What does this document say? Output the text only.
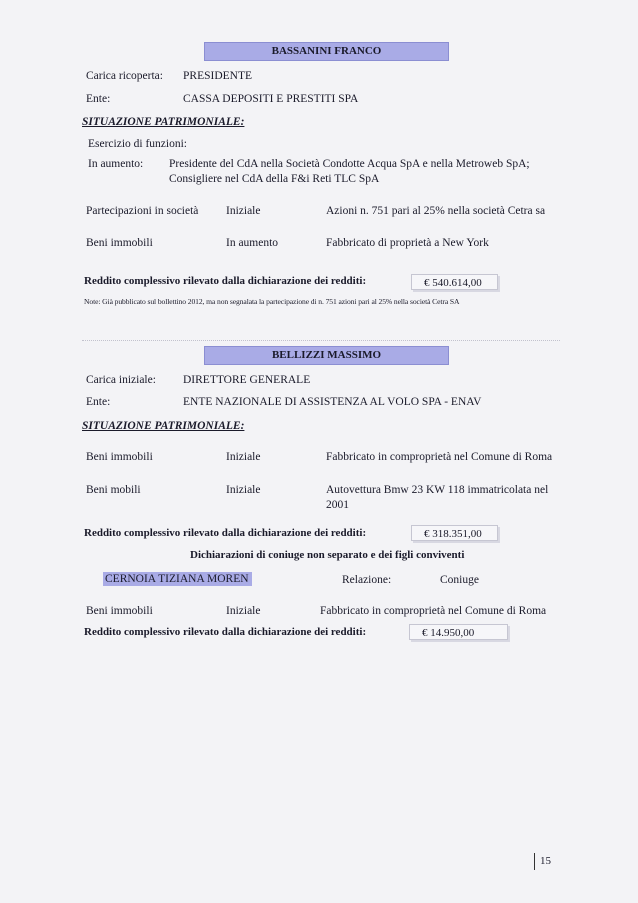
BASSANINI FRANCO
Carica ricoperta: PRESIDENTE
Ente:	CASSA DEPOSITI E PRESTITI SPA
SITUAZIONE PATRIMONIALE:
Esercizio di funzioni:
In aumento: Presidente del CdA nella Società Condotte Acqua SpA e nella Metroweb SpA;
Consigliere nel CdA della F&i Reti TLC SpA
Partecipazioni in società Iniziale	Azioni n. 751 pari al 25% nella società Cetra sa
Beni immobili	In aumento	Fabbricato di proprietà a New York
Reddito complessivo rilevato dalla dichiarazione dei redditi:	€ 540.614,00
Note: Già pubblicato sul bollettino 2012, ma non segnalata la partecipazione di n. 751 azioni pari al 25% nella società Cetra SA
BELLIZZI MASSIMO
Carica iniziale: DIRETTORE GENERALE
Ente:	ENTE NAZIONALE DI ASSISTENZA AL VOLO SPA - ENAV
SITUAZIONE PATRIMONIALE:
Beni immobili	Iniziale	Fabbricato in comproprietà nel Comune di Roma
Beni mobili	Iniziale	Autovettura Bmw 23 KW 118 immatricolata nel
2001
Reddito complessivo rilevato dalla dichiarazione dei redditi:	€ 318.351,00
Dichiarazioni di coniuge non separato e dei figli conviventi
CERNOIA TIZIANA MOREN	Relazione:	Coniuge
Beni immobili	Iniziale	Fabbricato in comproprietà nel Comune di Roma
Reddito complessivo rilevato dalla dichiarazione dei redditi:	€ 14.950,00
15
